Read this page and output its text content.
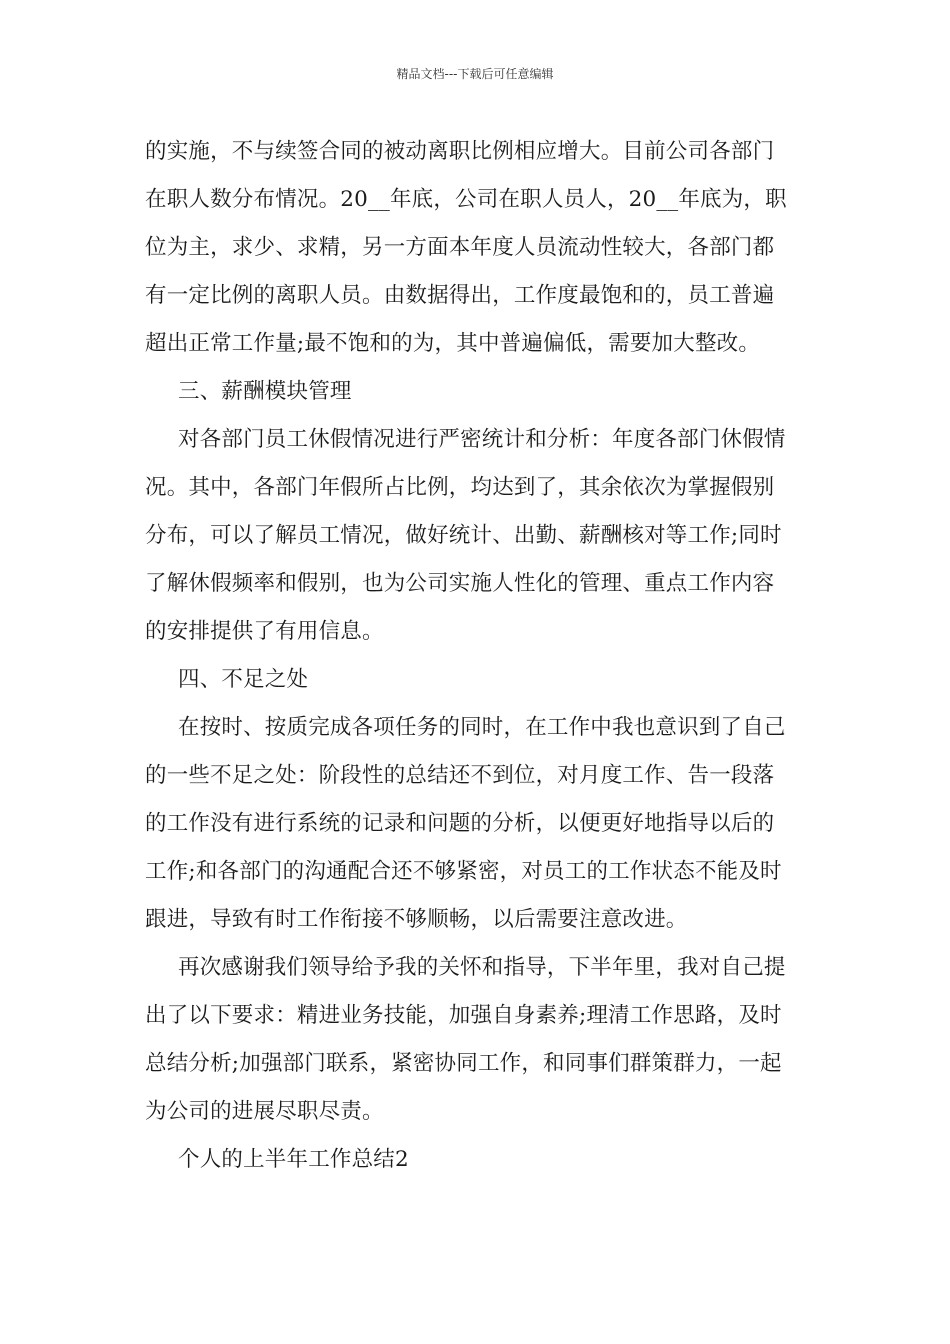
精品文档---下载后可任意编辑
的实施，不与续签合同的被动离职比例相应增大。目前公司各部门
在职人数分布情况。20__年底，公司在职人员人，20__年底为，职
位为主，求少、求精，另一方面本年度人员流动性较大，各部门都
有一定比例的离职人员。由数据得出，工作度最饱和的，员工普遍
超出正常工作量;最不饱和的为，其中普遍偏低，需要加大整改。
三、薪酬模块管理
对各部门员工休假情况进行严密统计和分析：年度各部门休假情
况。其中，各部门年假所占比例，均达到了，其余依次为掌握假别
分布，可以了解员工情况，做好统计、出勤、薪酬核对等工作;同时
了解休假频率和假别，也为公司实施人性化的管理、重点工作内容
的安排提供了有用信息。
四、不足之处
在按时、按质完成各项任务的同时，在工作中我也意识到了自己
的一些不足之处：阶段性的总结还不到位，对月度工作、告一段落
的工作没有进行系统的记录和问题的分析，以便更好地指导以后的
工作;和各部门的沟通配合还不够紧密，对员工的工作状态不能及时
跟进，导致有时工作衔接不够顺畅，以后需要注意改进。
再次感谢我们领导给予我的关怀和指导，下半年里，我对自己提
出了以下要求：精进业务技能，加强自身素养;理清工作思路，及时
总结分析;加强部门联系，紧密协同工作，和同事们群策群力，一起
为公司的进展尽职尽责。
个人的上半年工作总结2
